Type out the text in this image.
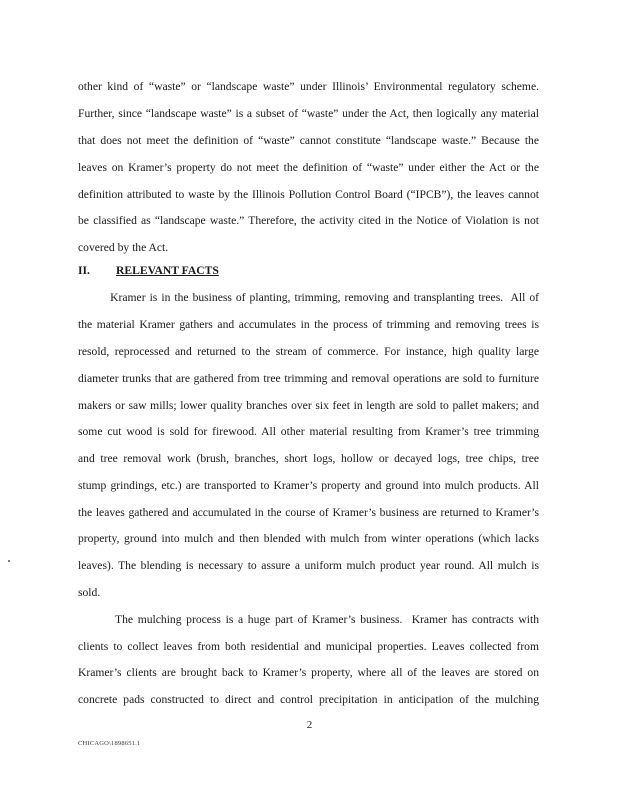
other kind of “waste” or “landscape waste” under Illinois’ Environmental regulatory scheme.
Further, since “landscape waste” is a subset of “waste” under the Act, then logically any material
that does not meet the definition of “waste” cannot constitute “landscape waste.” Because the
leaves on Kramer’s property do not meet the definition of “waste” under either the Act or the
definition attributed to waste by the Illinois Pollution Control Board (“IPCB”), the leaves cannot
be classified as “landscape waste.” Therefore, the activity cited in the Notice of Violation is not
covered by the Act.
II. RELEVANT FACTS
Kramer is in the business of planting, trimming, removing and transplanting trees.  All of
the material Kramer gathers and accumulates in the process of trimming and removing trees is
resold, reprocessed and returned to the stream of commerce. For instance, high quality large
diameter trunks that are gathered from tree trimming and removal operations are sold to furniture
makers or saw mills; lower quality branches over six feet in length are sold to pallet makers; and
some cut wood is sold for firewood. All other material resulting from Kramer’s tree trimming
and tree removal work (brush, branches, short logs, hollow or decayed logs, tree chips, tree
stump grindings, etc.) are transported to Kramer’s property and ground into mulch products. All
the leaves gathered and accumulated in the course of Kramer’s business are returned to Kramer’s
property, ground into mulch and then blended with mulch from winter operations (which lacks
leaves). The blending is necessary to assure a uniform mulch product year round. All mulch is
sold.
The mulching process is a huge part of Kramer’s business.  Kramer has contracts with
clients to collect leaves from both residential and municipal properties. Leaves collected from
Kramer’s clients are brought back to Kramer’s property, where all of the leaves are stored on
concrete pads constructed to direct and control precipitation in anticipation of the mulching
2
CHICAGO\1898651.1
